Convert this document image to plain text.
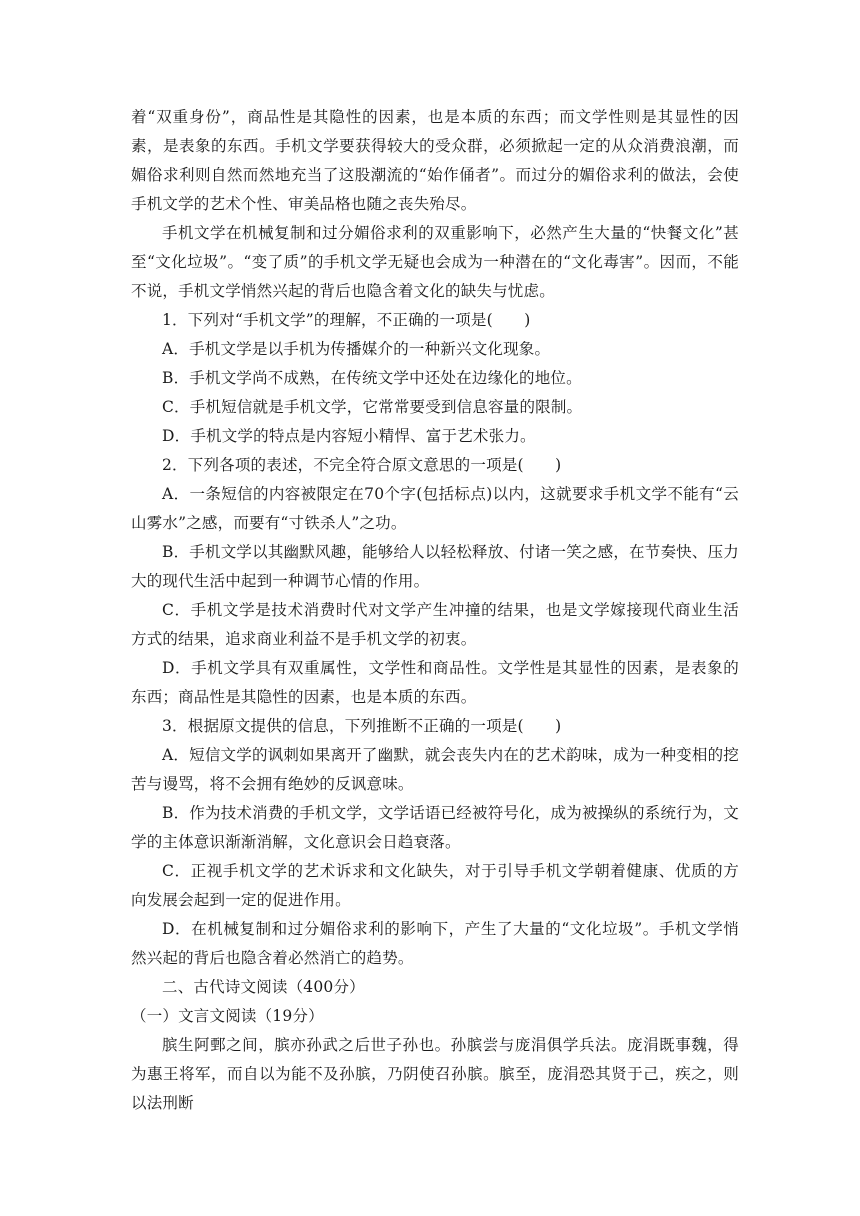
着“双重身份”，商品性是其隐性的因素，也是本质的东西；而文学性则是其显性的因素，是表象的东西。手机文学要获得较大的受众群，必须掀起一定的从众消费浪潮，而媚俗求利则自然而然地充当了这股潮流的“始作俑者”。而过分的媚俗求利的做法，会使手机文学的艺术个性、审美品格也随之丧失殆尽。

手机文学在机械复制和过分媚俗求利的双重影响下，必然产生大量的“快餐文化”甚至“文化垃圾”。“变了质”的手机文学无疑也会成为一种潜在的“文化毒害”。因而，不能不说，手机文学悄然兴起的背后也隐含着文化的缺失与忧虑。

1．下列对“手机文学”的理解，不正确的一项是(　　)

A．手机文学是以手机为传播媒介的一种新兴文化现象。

B．手机文学尚不成熟，在传统文学中还处在边缘化的地位。

C．手机短信就是手机文学，它常常要受到信息容量的限制。

D．手机文学的特点是内容短小精悍、富于艺术张力。

2．下列各项的表述，不完全符合原文意思的一项是(　　)

A．一条短信的内容被限定在70个字(包括标点)以内，这就要求手机文学不能有“云山雾水”之感，而要有“寸铁杀人”之功。

B．手机文学以其幽默风趣，能够给人以轻松释放、付诸一笑之感，在节奏快、压力大的现代生活中起到一种调节心情的作用。

C．手机文学是技术消费时代对文学产生冲撞的结果，也是文学嫁接现代商业生活方式的结果，追求商业利益不是手机文学的初衷。

D．手机文学具有双重属性，文学性和商品性。文学性是其显性的因素，是表象的东西；商品性是其隐性的因素，也是本质的东西。

3．根据原文提供的信息，下列推断不正确的一项是(　　)

A．短信文学的讽刺如果离开了幽默，就会丧失内在的艺术韵味，成为一种变相的挖苦与谩骂，将不会拥有绝妙的反讽意味。

B．作为技术消费的手机文学，文学话语已经被符号化，成为被操纵的系统行为，文学的主体意识渐渐消解，文化意识会日趋衰落。

C．正视手机文学的艺术诉求和文化缺失，对于引导手机文学朝着健康、优质的方向发展会起到一定的促进作用。

D．在机械复制和过分媚俗求利的影响下，产生了大量的“文化垃圾”。手机文学悄然兴起的背后也隐含着必然消亡的趋势。

二、古代诗文阅读（400分）

（一）文言文阅读（19分）

膑生阿鄄之间，膑亦孙武之后世子孙也。孙膑尝与庞涓俱学兵法。庞涓既事魏，得为惠王将军，而自以为能不及孙膑，乃阴使召孙膑。膑至，庞涓恐其贤于己，疾之，则以法刑断
